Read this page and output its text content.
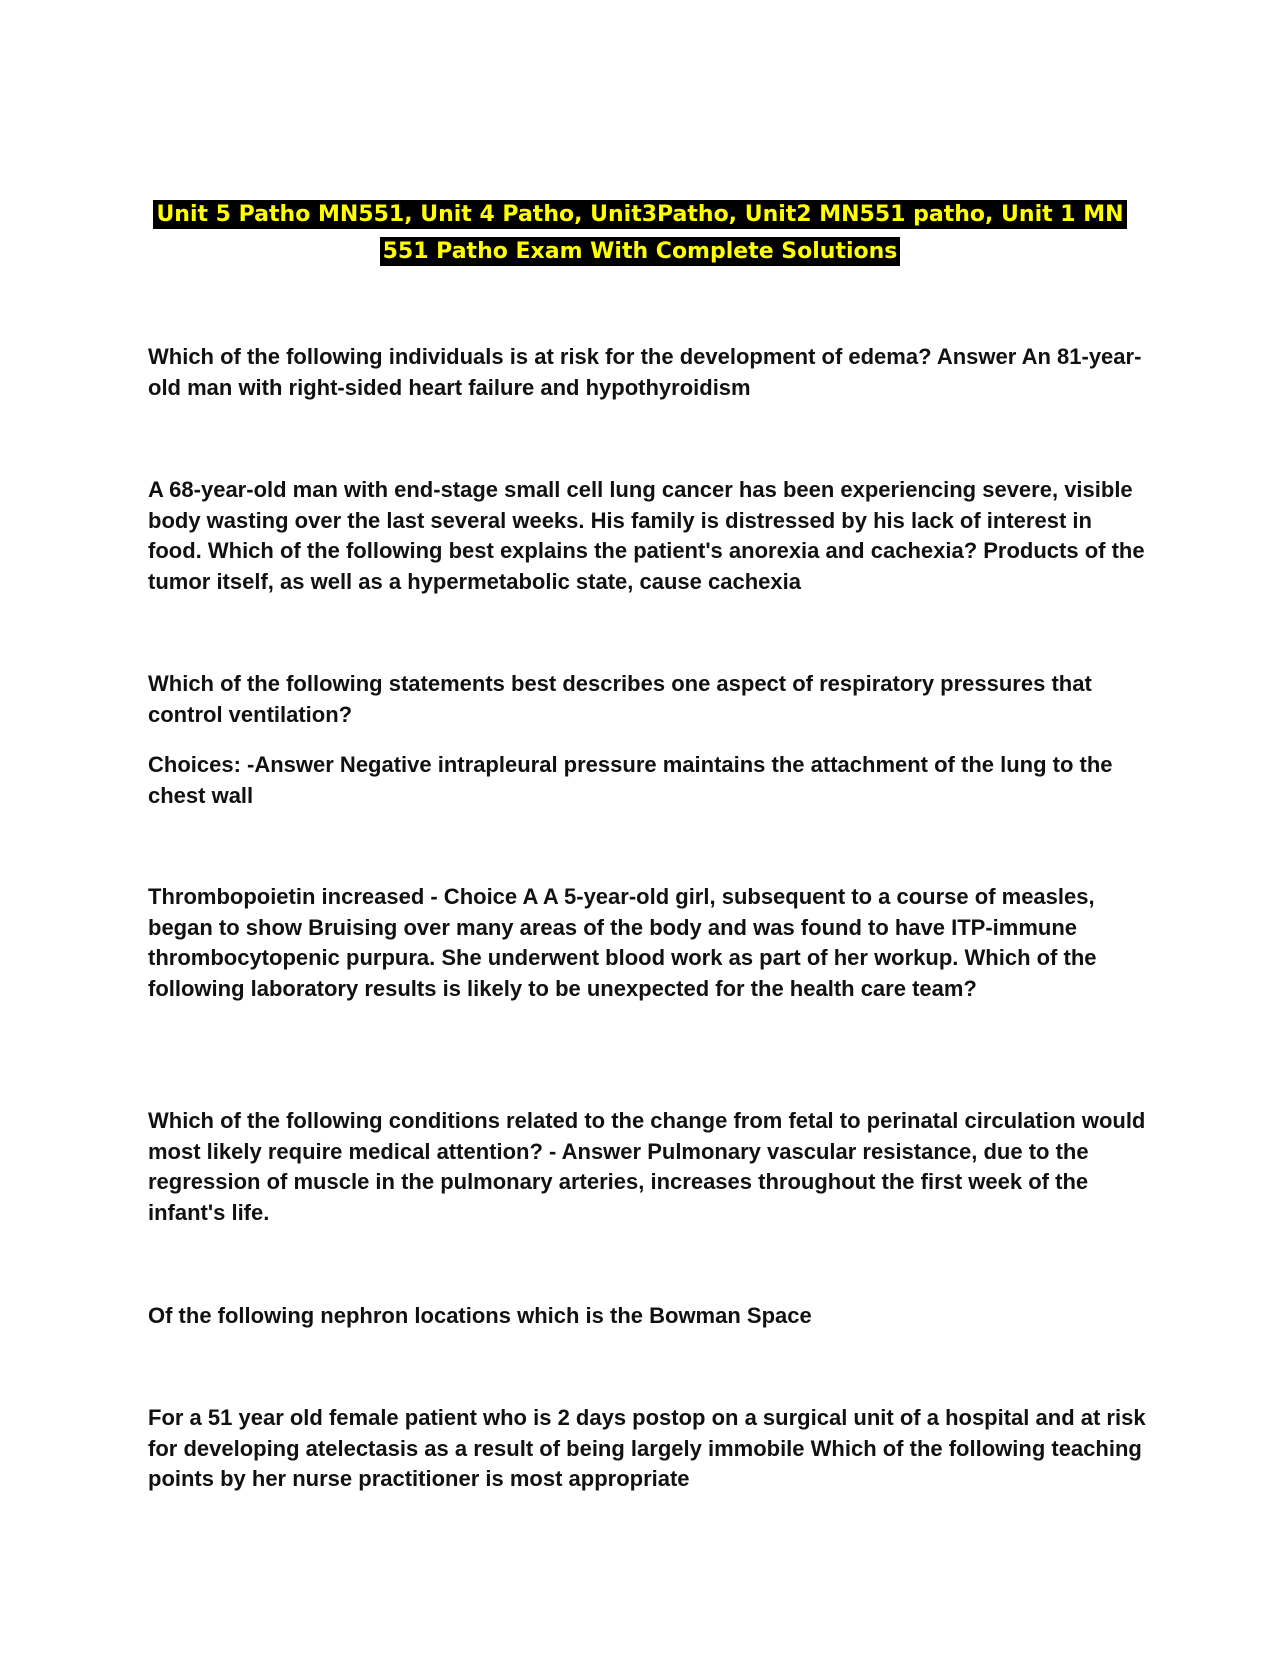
Unit 5 Patho MN551, Unit 4 Patho, Unit3Patho, Unit2 MN551 patho, Unit 1 MN
551 Patho Exam With Complete Solutions

Which of the following individuals is at risk for the development of edema? Answer An 81-year-old man with right-sided heart failure and hypothyroidism

A 68-year-old man with end-stage small cell lung cancer has been experiencing severe, visible body wasting over the last several weeks. His family is distressed by his lack of interest in food. Which of the following best explains the patient's anorexia and cachexia? Products of the tumor itself, as well as a hypermetabolic state, cause cachexia

Which of the following statements best describes one aspect of respiratory pressures that control ventilation?

Choices: -Answer Negative intrapleural pressure maintains the attachment of the lung to the chest wall

Thrombopoietin increased - Choice A A 5-year-old girl, subsequent to a course of measles, began to show Bruising over many areas of the body and was found to have ITP-immune thrombocytopenic purpura. She underwent blood work as part of her workup. Which of the following laboratory results is likely to be unexpected for the health care team?

Which of the following conditions related to the change from fetal to perinatal circulation would most likely require medical attention? - Answer Pulmonary vascular resistance, due to the regression of muscle in the pulmonary arteries, increases throughout the first week of the infant's life.

Of the following nephron locations which is the Bowman Space

For a 51 year old female patient who is 2 days postop on a surgical unit of a hospital and at risk for developing atelectasis as a result of being largely immobile Which of the following teaching points by her nurse practitioner is most appropriate
